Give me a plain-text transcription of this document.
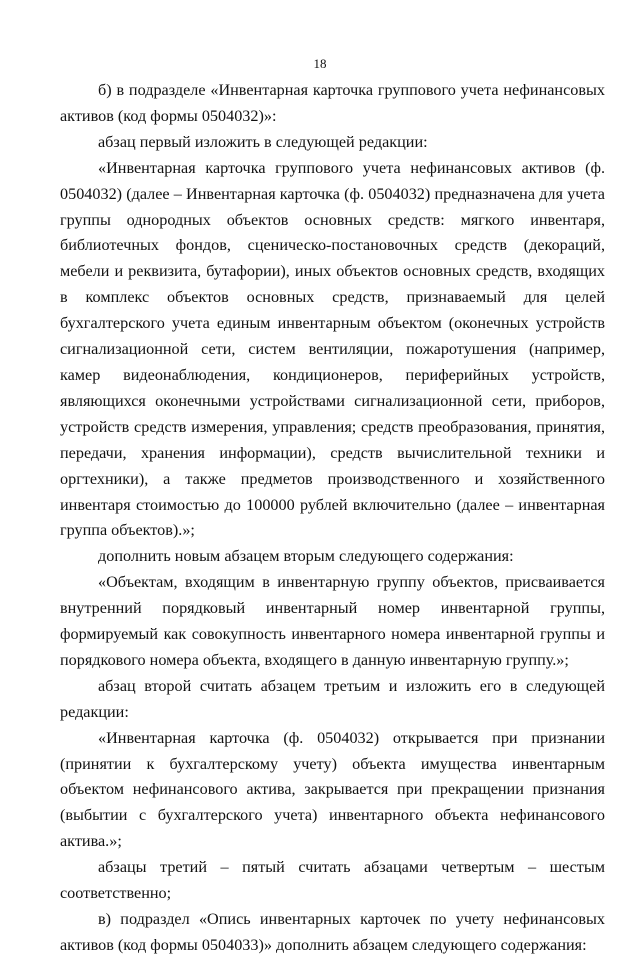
18

б) в подразделе «Инвентарная карточка группового учета нефинансовых активов (код формы 0504032)»:

абзац первый изложить в следующей редакции:

«Инвентарная карточка группового учета нефинансовых активов (ф. 0504032) (далее – Инвентарная карточка (ф. 0504032) предназначена для учета группы однородных объектов основных средств: мягкого инвентаря, библиотечных фондов, сценическо-постановочных средств (декораций, мебели и реквизита, бутафории), иных объектов основных средств, входящих в комплекс объектов основных средств, признаваемый для целей бухгалтерского учета единым инвентарным объектом (оконечных устройств сигнализационной сети, систем вентиляции, пожаротушения (например, камер видеонаблюдения, кондиционеров, периферийных устройств, являющихся оконечными устройствами сигнализационной сети, приборов, устройств средств измерения, управления; средств преобразования, принятия, передачи, хранения информации), средств вычислительной техники и оргтехники), а также предметов производственного и хозяйственного инвентаря стоимостью до 100000 рублей включительно (далее – инвентарная группа объектов).»;

дополнить новым абзацем вторым следующего содержания:

«Объектам, входящим в инвентарную группу объектов, присваивается внутренний порядковый инвентарный номер инвентарной группы, формируемый как совокупность инвентарного номера инвентарной группы и порядкового номера объекта, входящего в данную инвентарную группу.»;

абзац второй считать абзацем третьим и изложить его в следующей редакции:

«Инвентарная карточка (ф. 0504032) открывается при признании (принятии к бухгалтерскому учету) объекта имущества инвентарным объектом нефинансового актива, закрывается при прекращении признания (выбытии с бухгалтерского учета) инвентарного объекта нефинансового актива.»;

абзацы третий – пятый считать абзацами четвертым – шестым соответственно;

в) подраздел «Опись инвентарных карточек по учету нефинансовых активов (код формы 0504033)» дополнить абзацем следующего содержания:
